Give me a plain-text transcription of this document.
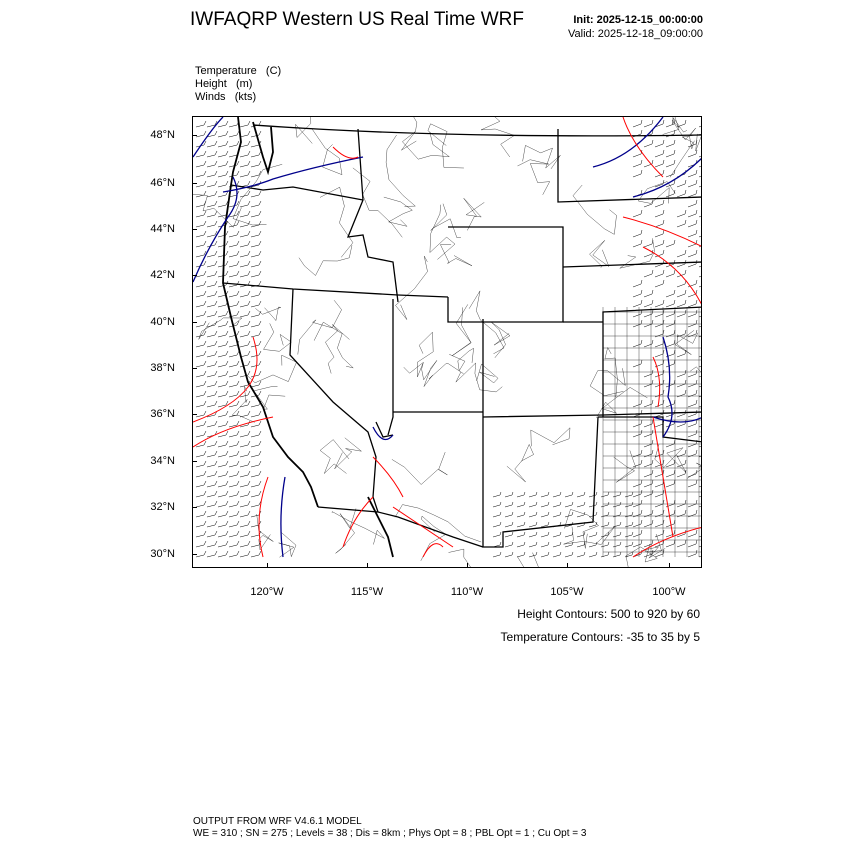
IWFAQRP Western US Real Time WRF	Init: 2025-12-15_00:00:00
Valid: 2025-12-18_09:00:00
Temperature   (C)
Height   (m)
Winds   (kts)
48°N
46°N
44°N
42°N
40°N
38°N
36°N
34°N
32°N
30°N
120°W	115°W	110°W	105°W	100°W
Height Contours: 500 to 920 by 60
Temperature Contours: -35 to 35 by 5
OUTPUT FROM WRF V4.6.1 MODEL
WE = 310 ; SN = 275 ; Levels = 38 ; Dis = 8km ; Phys Opt = 8 ; PBL Opt = 1 ; Cu Opt = 3
